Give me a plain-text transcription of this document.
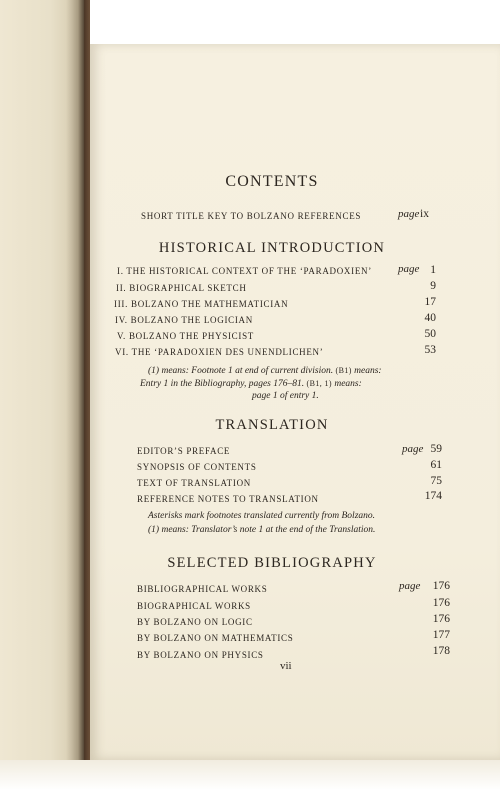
CONTENTS
SHORT TITLE KEY TO BOLZANO REFERENCES	page ix
HISTORICAL INTRODUCTION
I. THE HISTORICAL CONTEXT OF THE ‘PARADOXIEN’ page 1
II. BIOGRAPHICAL SKETCH	9
III. BOLZANO THE MATHEMATICIAN	17
IV. BOLZANO THE LOGICIAN	40
V. BOLZANO THE PHYSICIST	50
VI. THE ‘PARADOXIEN DES UNENDLICHEN’	53
(1) means: Footnote 1 at end of current division. (B1) means:
Entry 1 in the Bibliography, pages 176–81. (B1, 1) means:
page 1 of entry 1.
TRANSLATION
EDITOR’S PREFACE	page 59
SYNOPSIS OF CONTENTS	61
TEXT OF TRANSLATION	75
REFERENCE NOTES TO TRANSLATION	174
Asterisks mark footnotes translated currently from Bolzano.
(1) means: Translator’s note 1 at the end of the Translation.
SELECTED BIBLIOGRAPHY
BIBLIOGRAPHICAL WORKS	page 176
BIOGRAPHICAL WORKS	176
BY BOLZANO ON LOGIC	176
BY BOLZANO ON MATHEMATICS	177
BY BOLZANO ON PHYSICS	178
vii
